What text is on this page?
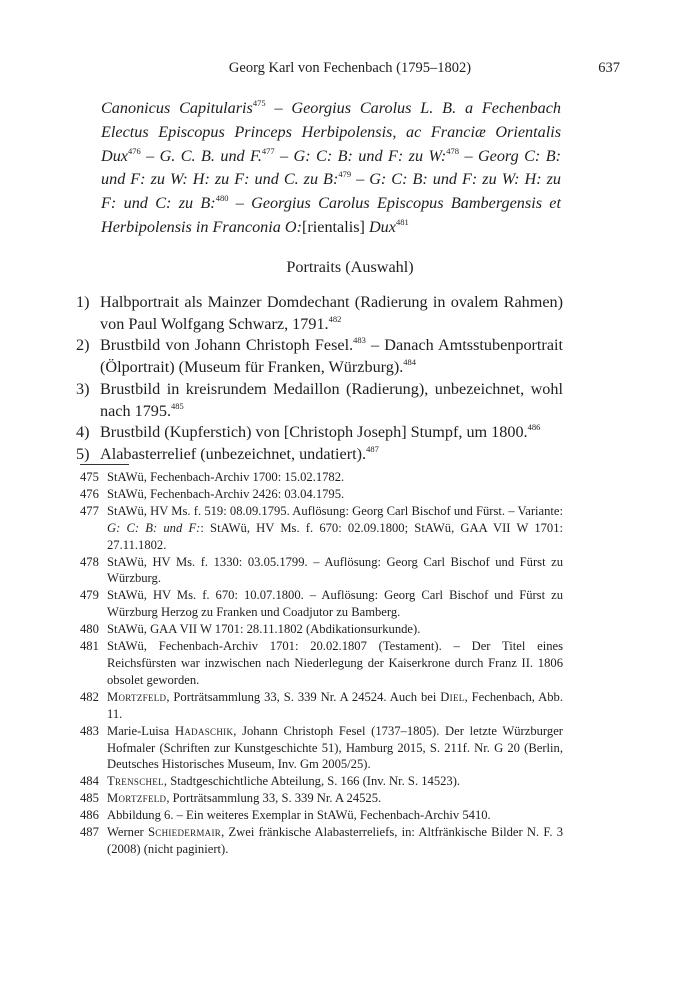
Georg Karl von Fechenbach (1795–1802)	637

Canonicus Capitularis$^{475}$ – Georgius Carolus L. B. a Fechenbach Electus Episcopus Princeps Herbipolensis, ac Franciæ Orientalis Dux$^{476}$ – G. C. B. und F.$^{477}$ – G: C: B: und F: zu W:$^{478}$ – Georg C: B: und F: zu W: H: zu F: und C. zu B:$^{479}$ – G: C: B: und F: zu W: H: zu F: und C: zu B:$^{480}$ – Georgius Carolus Episcopus Bambergensis et Herbipolensis in Franconia O:[rientalis] Dux$^{481}$

Portraits (Auswahl)
1) Halbportrait als Mainzer Domdechant (Radierung in ovalem Rahmen) von Paul Wolfgang Schwarz, 1791.$^{482}$
2) Brustbild von Johann Christoph Fesel.$^{483}$ – Danach Amtsstubenportrait (Ölportrait) (Museum für Franken, Würzburg).$^{484}$
3) Brustbild in kreisrundem Medaillon (Radierung), unbezeichnet, wohl nach 1795.$^{485}$
4) Brustbild (Kupferstich) von [Christoph Joseph] Stumpf, um 1800.$^{486}$
5) Alabasterrelief (unbezeichnet, undatiert).$^{487}$
475 StAWü, Fechenbach-Archiv 1700: 15.02.1782.
476 StAWü, Fechenbach-Archiv 2426: 03.04.1795.
477 StAWü, HV Ms. f. 519: 08.09.1795. Auflösung: Georg Carl Bischof und Fürst. – Variante: G: C: B: und F:: StAWü, HV Ms. f. 670: 02.09.1800; StAWü, GAA VII W 1701: 27.11.1802.
478 StAWü, HV Ms. f. 1330: 03.05.1799. – Auflösung: Georg Carl Bischof und Fürst zu Würzburg.
479 StAWü, HV Ms. f. 670: 10.07.1800. – Auflösung: Georg Carl Bischof und Fürst zu Würzburg Herzog zu Franken und Coadjutor zu Bamberg.
480 StAWü, GAA VII W 1701: 28.11.1802 (Abdikationsurkunde).
481 StAWü, Fechenbach-Archiv 1701: 20.02.1807 (Testament). – Der Titel eines Reichsfürsten war inzwischen nach Niederlegung der Kaiserkrone durch Franz II. 1806 obsolet geworden.
482 Mortzfeld, Porträtsammlung 33, S. 339 Nr. A 24524. Auch bei Diel, Fechenbach, Abb. 11.
483 Marie-Luisa Hadaschik, Johann Christoph Fesel (1737–1805). Der letzte Würzburger Hofmaler (Schriften zur Kunstgeschichte 51), Hamburg 2015, S. 211f. Nr. G 20 (Berlin, Deutsches Historisches Museum, Inv. Gm 2005/25).
484 Trenschel, Stadtgeschichtliche Abteilung, S. 166 (Inv. Nr. S. 14523).
485 Mortzfeld, Porträtsammlung 33, S. 339 Nr. A 24525.
486 Abbildung 6. – Ein weiteres Exemplar in StAWü, Fechenbach-Archiv 5410.
487 Werner Schiedermair, Zwei fränkische Alabasterreliefs, in: Altfränkische Bilder N. F. 3 (2008) (nicht paginiert).
